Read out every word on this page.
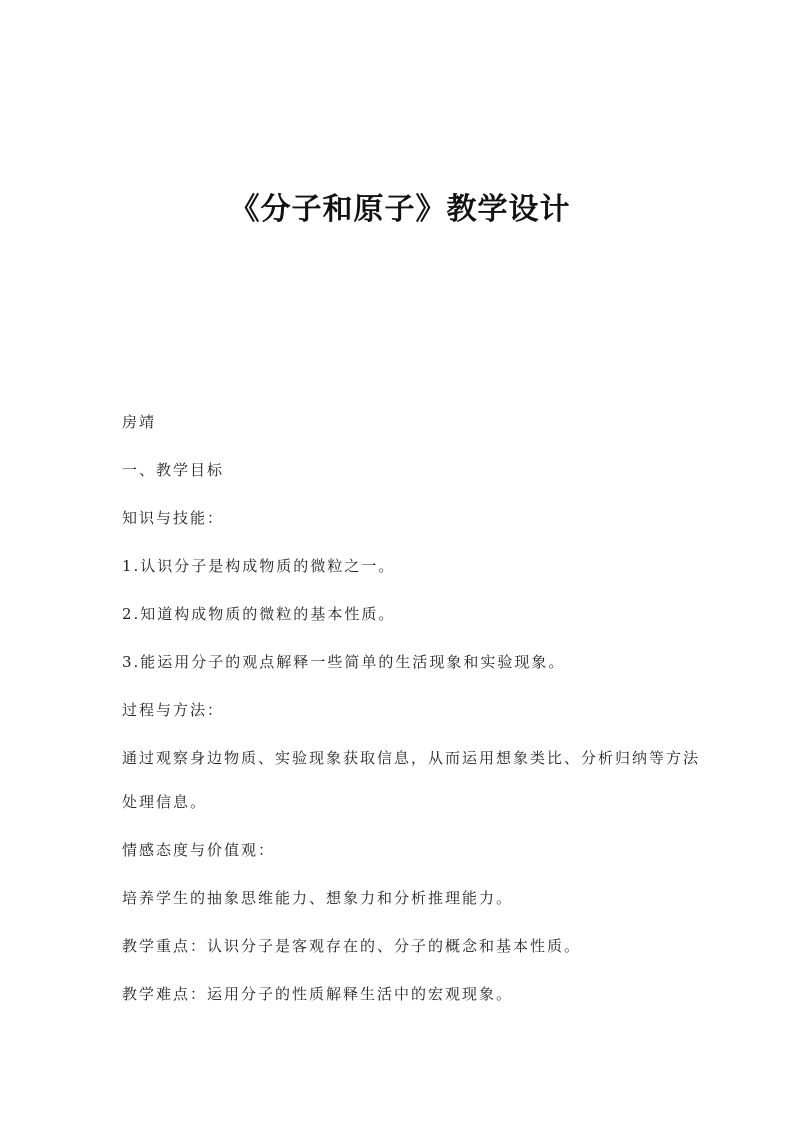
《分子和原子》教学设计
房靖
一、教学目标
知识与技能：
1.认识分子是构成物质的微粒之一。
2.知道构成物质的微粒的基本性质。
3.能运用分子的观点解释一些简单的生活现象和实验现象。
过程与方法：
通过观察身边物质、实验现象获取信息，从而运用想象类比、分析归纳等方法
处理信息。
情感态度与价值观：
培养学生的抽象思维能力、想象力和分析推理能力。
教学重点：认识分子是客观存在的、分子的概念和基本性质。
教学难点：运用分子的性质解释生活中的宏观现象。
